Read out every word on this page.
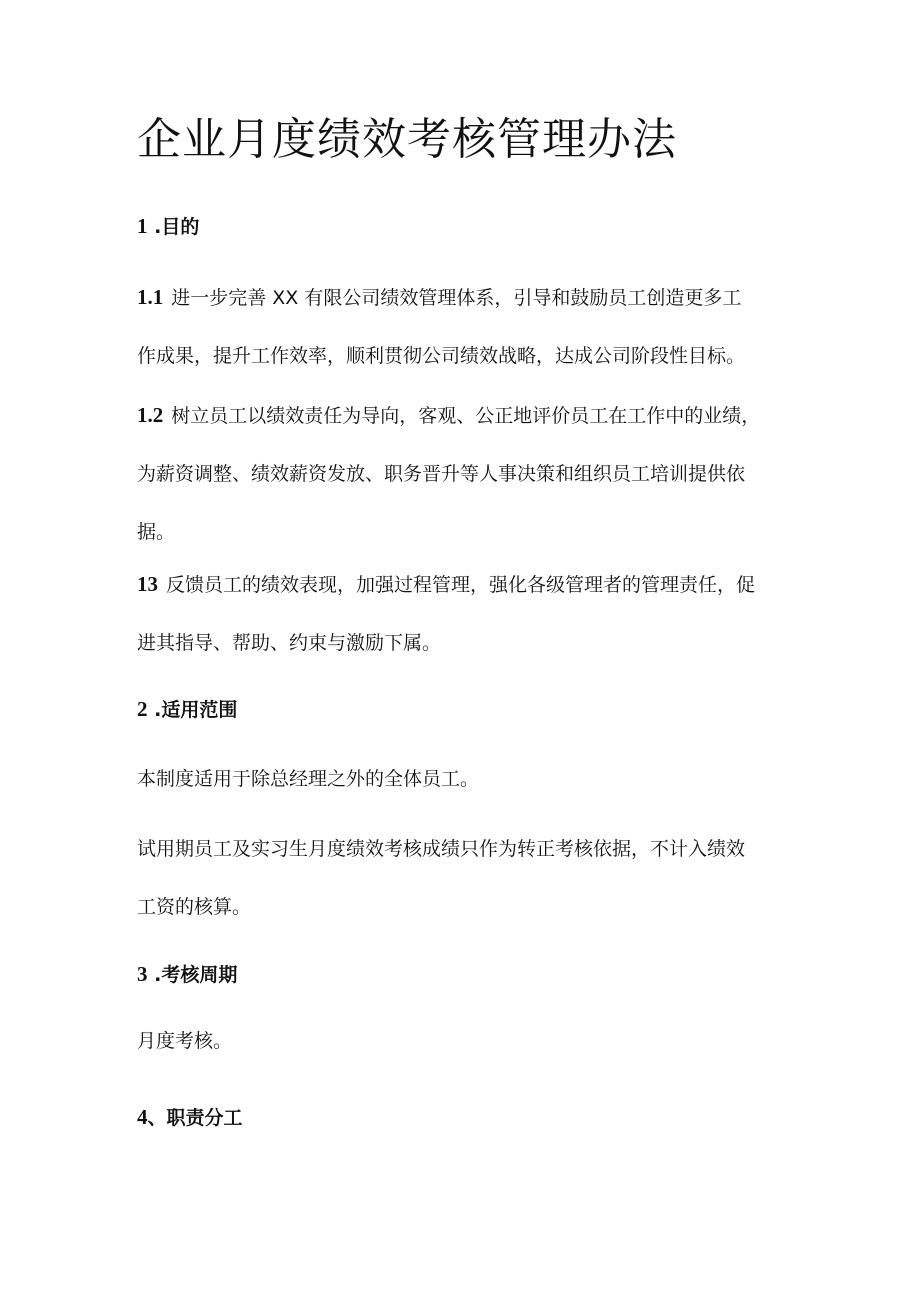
企业月度绩效考核管理办法
1 .目的
1.1 进一步完善 XX 有限公司绩效管理体系，引导和鼓励员工创造更多工
作成果，提升工作效率，顺利贯彻公司绩效战略，达成公司阶段性目标。
1.2 树立员工以绩效责任为导向，客观、公正地评价员工在工作中的业绩，
为薪资调整、绩效薪资发放、职务晋升等人事决策和组织员工培训提供依
据。
13 反馈员工的绩效表现，加强过程管理，强化各级管理者的管理责任，促
进其指导、帮助、约束与激励下属。
2 .适用范围
本制度适用于除总经理之外的全体员工。
试用期员工及实习生月度绩效考核成绩只作为转正考核依据，不计入绩效
工资的核算。
3 .考核周期
月度考核。
4、职责分工
